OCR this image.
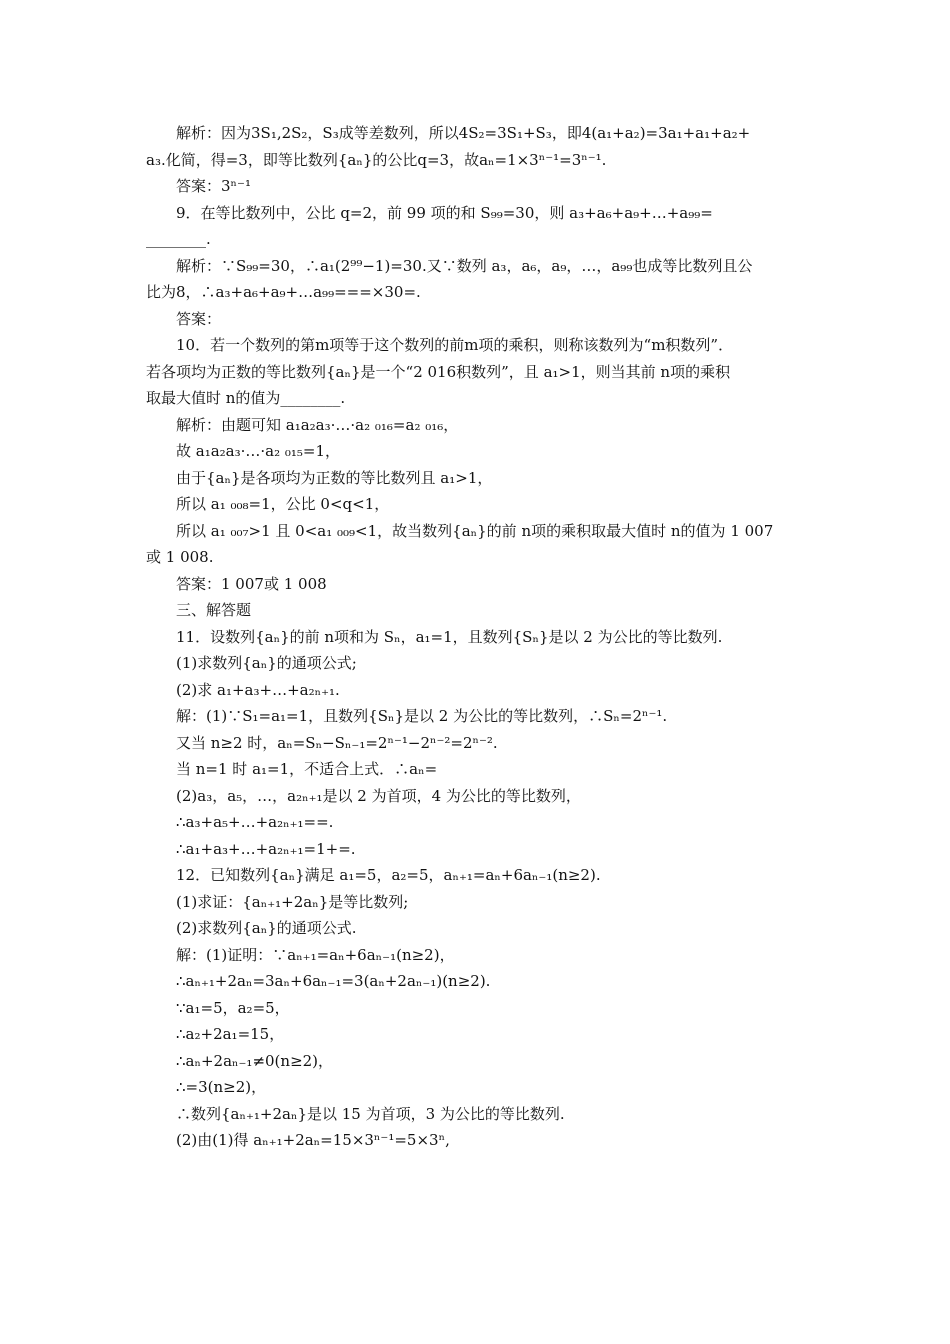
解析：因为3S₁,2S₂，S₃成等差数列，所以4S₂=3S₁+S₃，即4(a₁+a₂)=3a₁+a₁+a₂+
a₃.化简，得=3，即等比数列{aₙ}的公比q=3，故aₙ=1×3ⁿ⁻¹=3ⁿ⁻¹.
答案：3ⁿ⁻¹
9．在等比数列中，公比 q=2，前 99 项的和 S₉₉=30，则 a₃+a₆+a₉+…+a₉₉=
________.
解析：∵S₉₉=30，∴a₁(2⁹⁹−1)=30.又∵数列 a₃，a₆，a₉，…，a₉₉也成等比数列且公
比为8，∴a₃+a₆+a₉+…a₉₉===×30=.
答案：
10．若一个数列的第m项等于这个数列的前m项的乘积，则称该数列为“m积数列”．
若各项均为正数的等比数列{aₙ}是一个“2 016积数列”，且 a₁>1，则当其前 n项的乘积
取最大值时 n的值为________.
解析：由题可知 a₁a₂a₃·…·a₂ ₀₁₆=a₂ ₀₁₆，
故 a₁a₂a₃·…·a₂ ₀₁₅=1，
由于{aₙ}是各项均为正数的等比数列且 a₁>1，
所以 a₁ ₀₀₈=1，公比 0<q<1，
所以 a₁ ₀₀₇>1 且 0<a₁ ₀₀₉<1，故当数列{aₙ}的前 n项的乘积取最大值时 n的值为 1 007
或 1 008.
答案：1 007或 1 008
三、解答题
11．设数列{aₙ}的前 n项和为 Sₙ，a₁=1，且数列{Sₙ}是以 2 为公比的等比数列.
(1)求数列{aₙ}的通项公式;
(2)求 a₁+a₃+…+a₂ₙ₊₁.
解：(1)∵S₁=a₁=1，且数列{Sₙ}是以 2 为公比的等比数列，∴Sₙ=2ⁿ⁻¹.
又当 n≥2 时，aₙ=Sₙ−Sₙ₋₁=2ⁿ⁻¹−2ⁿ⁻²=2ⁿ⁻².
当 n=1 时 a₁=1，不适合上式．∴aₙ=
(2)a₃，a₅，…，a₂ₙ₊₁是以 2 为首项，4 为公比的等比数列，
∴a₃+a₅+…+a₂ₙ₊₁==.
∴a₁+a₃+…+a₂ₙ₊₁=1+=.
12．已知数列{aₙ}满足 a₁=5，a₂=5，aₙ₊₁=aₙ+6aₙ₋₁(n≥2).
(1)求证：{aₙ₊₁+2aₙ}是等比数列;
(2)求数列{aₙ}的通项公式.
解：(1)证明：∵aₙ₊₁=aₙ+6aₙ₋₁(n≥2)，
∴aₙ₊₁+2aₙ=3aₙ+6aₙ₋₁=3(aₙ+2aₙ₋₁)(n≥2).
∵a₁=5，a₂=5，
∴a₂+2a₁=15，
∴aₙ+2aₙ₋₁≠0(n≥2)，
∴=3(n≥2)，
∴数列{aₙ₊₁+2aₙ}是以 15 为首项，3 为公比的等比数列.
(2)由(1)得 aₙ₊₁+2aₙ=15×3ⁿ⁻¹=5×3ⁿ,
